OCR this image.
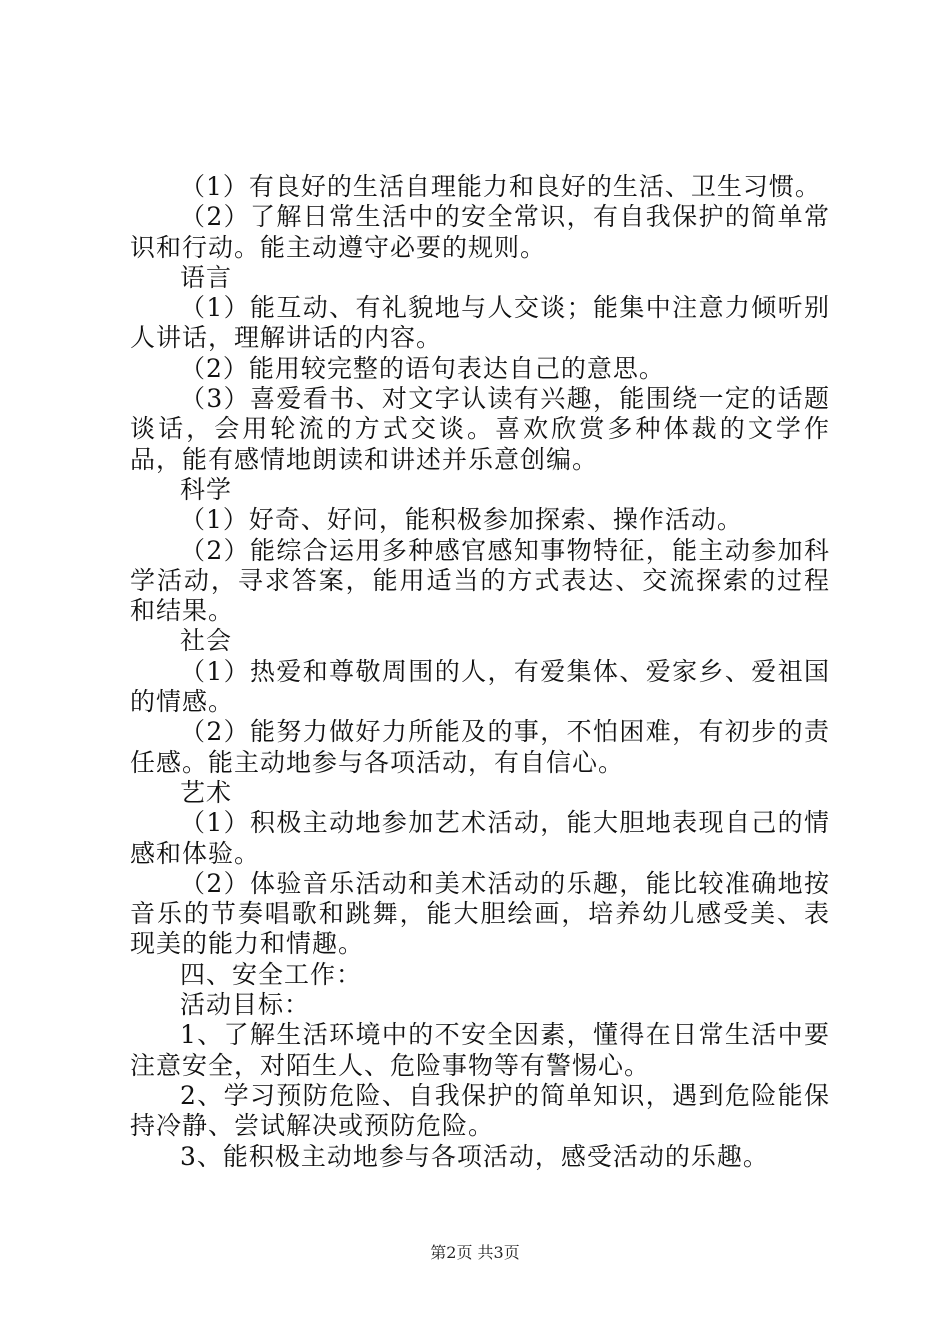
（1）有良好的生活自理能力和良好的生活、卫生习惯。

（2）了解日常生活中的安全常识，有自我保护的简单常识和行动。能主动遵守必要的规则。

语言

（1）能互动、有礼貌地与人交谈；能集中注意力倾听别人讲话，理解讲话的内容。

（2）能用较完整的语句表达自己的意思。

（3）喜爱看书、对文字认读有兴趣，能围绕一定的话题谈话，会用轮流的方式交谈。喜欢欣赏多种体裁的文学作品，能有感情地朗读和讲述并乐意创编。

科学

（1）好奇、好问，能积极参加探索、操作活动。

（2）能综合运用多种感官感知事物特征，能主动参加科学活动，寻求答案，能用适当的方式表达、交流探索的过程和结果。

社会

（1）热爱和尊敬周围的人，有爱集体、爱家乡、爱祖国的情感。

（2）能努力做好力所能及的事，不怕困难，有初步的责任感。能主动地参与各项活动，有自信心。

艺术

（1）积极主动地参加艺术活动，能大胆地表现自己的情感和体验。

（2）体验音乐活动和美术活动的乐趣，能比较准确地按音乐的节奏唱歌和跳舞，能大胆绘画，培养幼儿感受美、表现美的能力和情趣。

四、安全工作：

活动目标：

1、了解生活环境中的不安全因素，懂得在日常生活中要注意安全，对陌生人、危险事物等有警惕心。

2、学习预防危险、自我保护的简单知识，遇到危险能保持冷静、尝试解决或预防危险。

3、能积极主动地参与各项活动，感受活动的乐趣。

第2页 共3页
